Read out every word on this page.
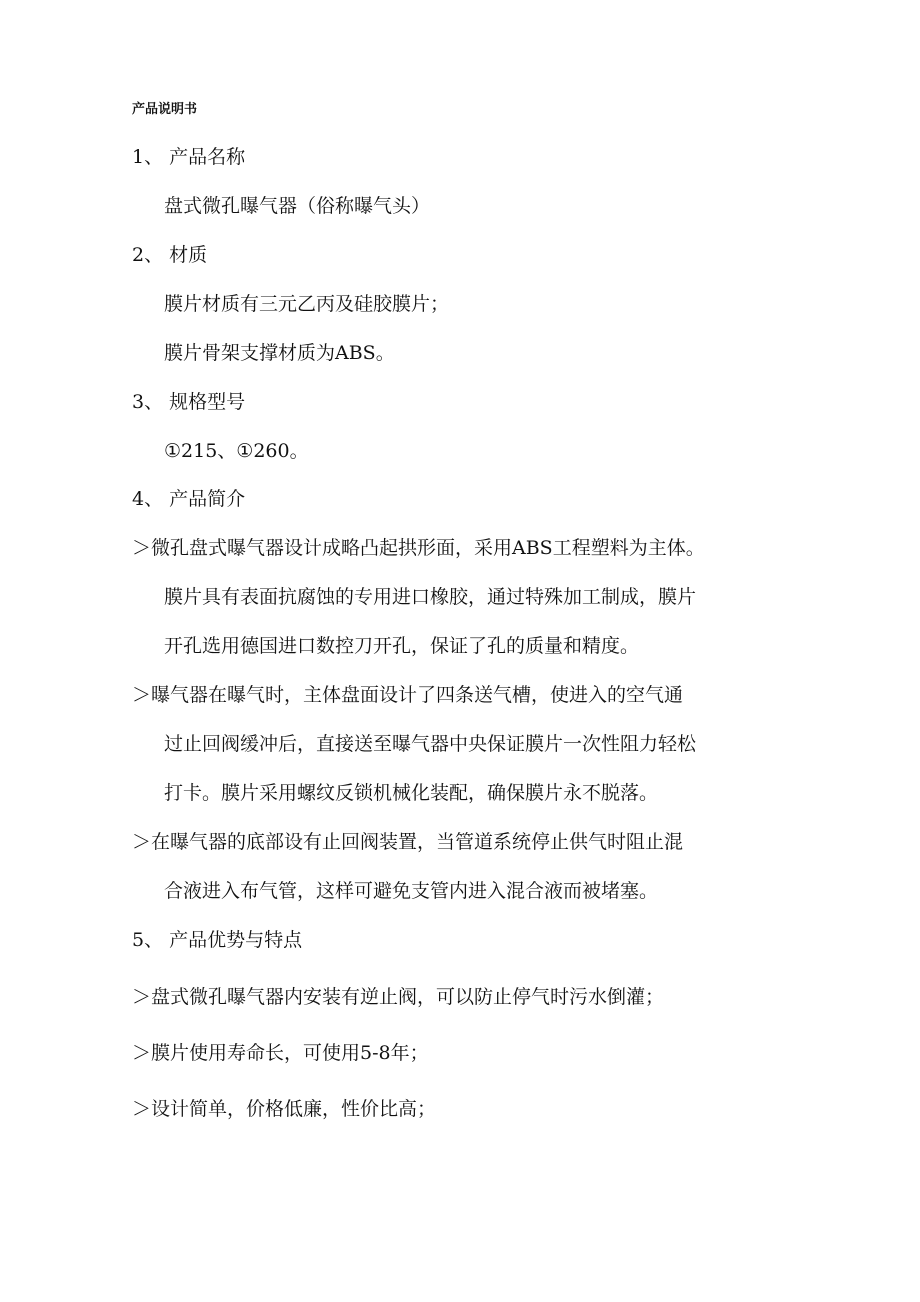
产品说明书
1、 产品名称
盘式微孔曝气器（俗称曝气头）
2、 材质
膜片材质有三元乙丙及硅胶膜片；
膜片骨架支撑材质为ABS。
3、 规格型号
①215、①260。
4、 产品简介
＞微孔盘式曝气器设计成略凸起拱形面，采用ABS工程塑料为主体。
膜片具有表面抗腐蚀的专用进口橡胶，通过特殊加工制成，膜片
开孔选用德国进口数控刀开孔，保证了孔的质量和精度。
＞曝气器在曝气时，主体盘面设计了四条送气槽，使进入的空气通
过止回阀缓冲后，直接送至曝气器中央保证膜片一次性阻力轻松
打卡。膜片采用螺纹反锁机械化装配，确保膜片永不脱落。
＞在曝气器的底部设有止回阀装置，当管道系统停止供气时阻止混
合液进入布气管，这样可避免支管内进入混合液而被堵塞。
5、 产品优势与特点
＞盘式微孔曝气器内安装有逆止阀，可以防止停气时污水倒灌；
＞膜片使用寿命长，可使用5-8年；
＞设计简单，价格低廉，性价比高；
